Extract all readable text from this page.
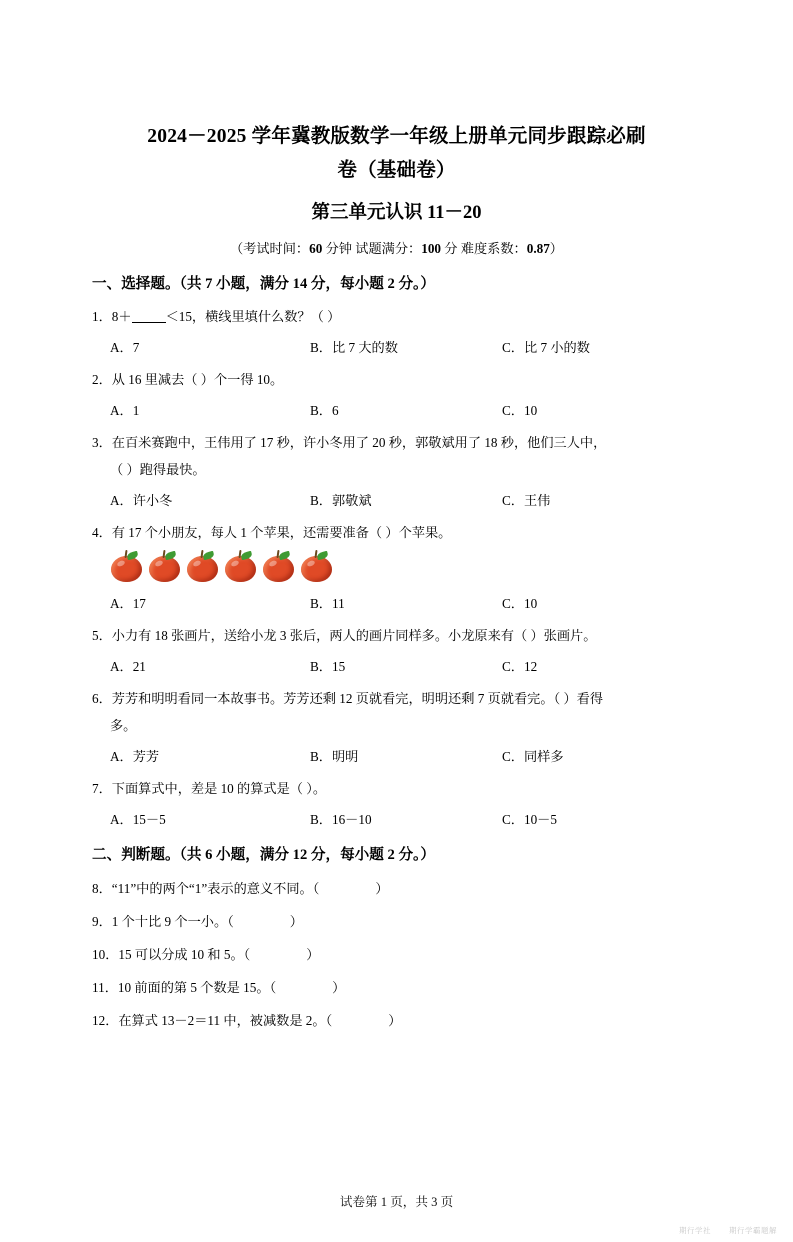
2024－2025 学年冀教版数学一年级上册单元同步跟踪必刷
卷（基础卷）
第三单元认识 11－20
（考试时间：60 分钟 试题满分：100 分 难度系数：0.87）
一、选择题。（共 7 小题，满分 14 分，每小题 2 分。）
1．8＋	＜15，横线里填什么数？（ ）
A．7	B．比 7 大的数	C．比 7 小的数
2．从 16 里减去（ ）个一得 10。
A．1	B．6	C．10
3．在百米赛跑中，王伟用了 17 秒，许小冬用了 20 秒，郭敬斌用了 18 秒，他们三人中，
（ ）跑得最快。
A．许小冬	B．郭敬斌	C．王伟
4．有 17 个小朋友，每人 1 个苹果，还需要准备（ ）个苹果。
A．17	B．11	C．10
5．小力有 18 张画片，送给小龙 3 张后，两人的画片同样多。小龙原来有（ ）张画片。
A．21	B．15	C．12
6．芳芳和明明看同一本故事书。芳芳还剩 12 页就看完，明明还剩 7 页就看完。（ ）看得
多。
A．芳芳	B．明明	C．同样多
7．下面算式中，差是 10 的算式是（ ）。
A．15－5	B．16－10	C．10－5
二、判断题。（共 6 小题，满分 12 分，每小题 2 分。）
8．“11”中的两个“1”表示的意义不同。（	）
9．1 个十比 9 个一小。（	）
10．15 可以分成 10 和 5。（	）
11．10 前面的第 5 个数是 15。（	）
12．在算式 13－2＝11 中，被减数是 2。（	）
试卷第 1 页，共 3 页
期行学社 期行学霸题解
